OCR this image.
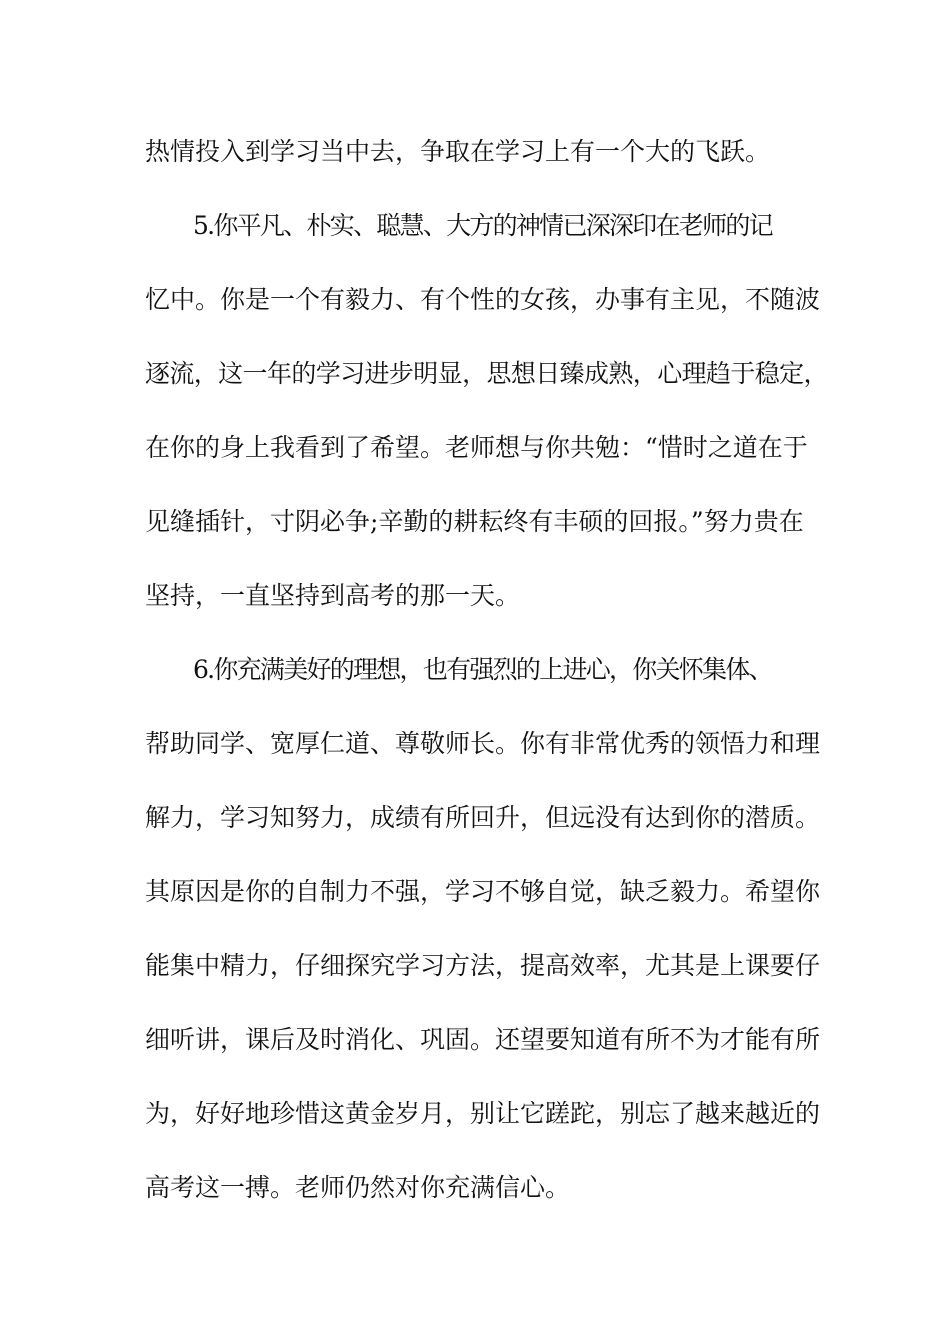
热情投入到学习当中去，争取在学习上有一个大的飞跃。
5.你平凡、朴实、聪慧、大方的神情已深深印在老师的记
忆中。你是一个有毅力、有个性的女孩，办事有主见，不随波
逐流，这一年的学习进步明显，思想日臻成熟，心理趋于稳定，
在你的身上我看到了希望。老师想与你共勉：“惜时之道在于
见缝插针，寸阴必争;辛勤的耕耘终有丰硕的回报。”努力贵在
坚持，一直坚持到高考的那一天。
6.你充满美好的理想，也有强烈的上进心，你关怀集体、
帮助同学、宽厚仁道、尊敬师长。你有非常优秀的领悟力和理
解力，学习知努力，成绩有所回升，但远没有达到你的潜质。
其原因是你的自制力不强，学习不够自觉，缺乏毅力。希望你
能集中精力，仔细探究学习方法，提高效率，尤其是上课要仔
细听讲，课后及时消化、巩固。还望要知道有所不为才能有所
为，好好地珍惜这黄金岁月，别让它蹉跎，别忘了越来越近的
高考这一搏。老师仍然对你充满信心。
